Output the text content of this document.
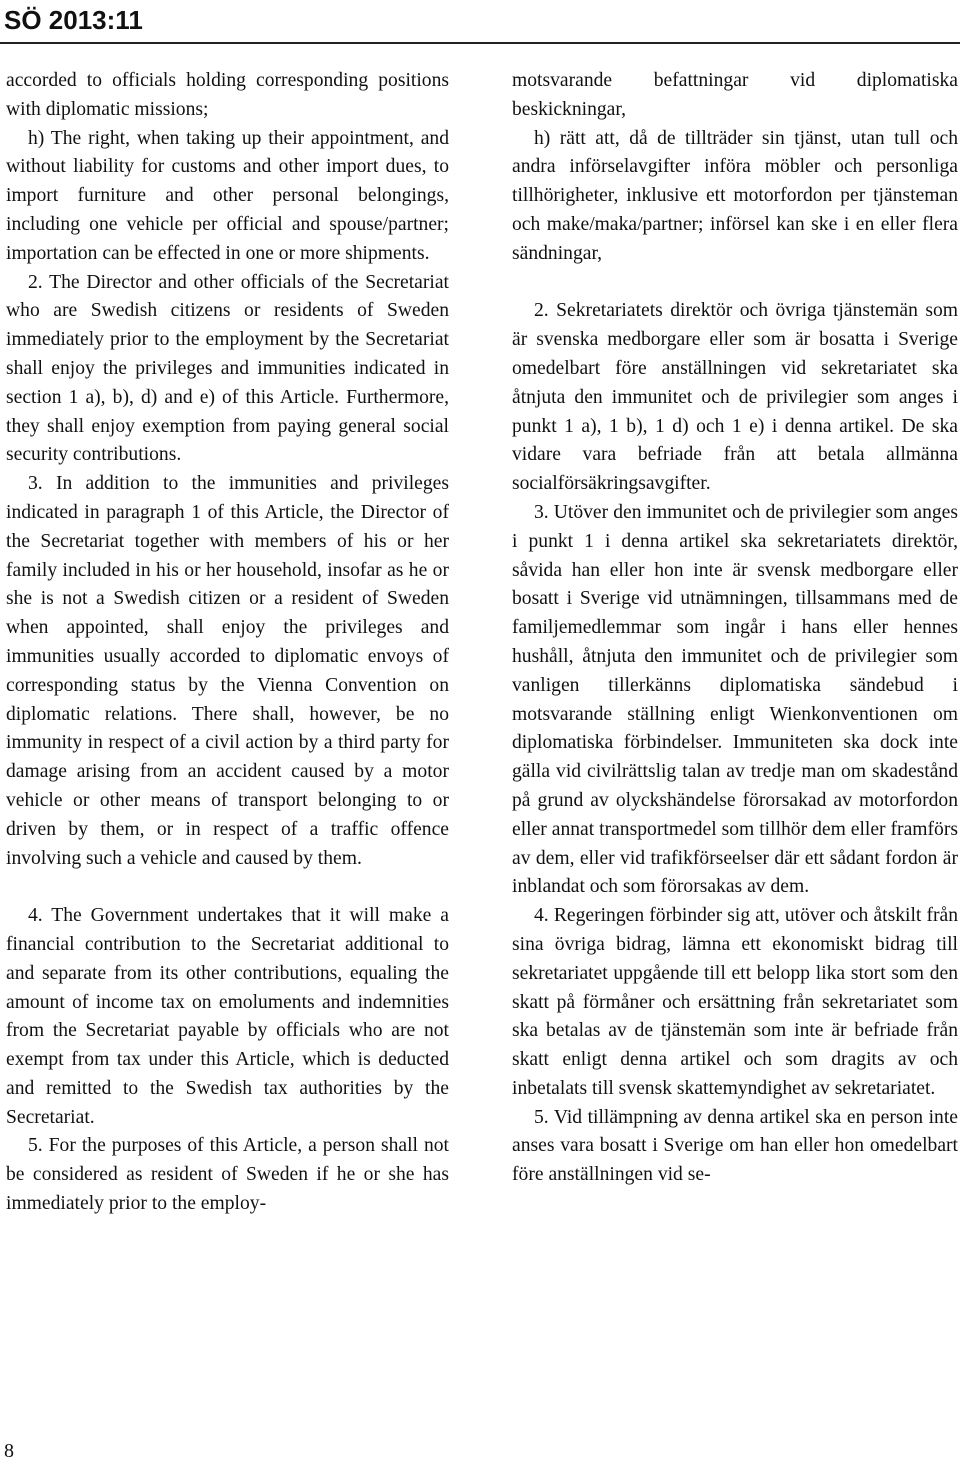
SÖ 2013:11

accorded to officials holding corresponding positions with diplomatic missions;

h) The right, when taking up their appointment, and without liability for customs and other import dues, to import furniture and other personal belongings, including one vehicle per official and spouse/partner; importation can be effected in one or more shipments.

2. The Director and other officials of the Secretariat who are Swedish citizens or residents of Sweden immediately prior to the employment by the Secretariat shall enjoy the privileges and immunities indicated in section 1 a), b), d) and e) of this Article. Furthermore, they shall enjoy exemption from paying general social security contributions.

3. In addition to the immunities and privileges indicated in paragraph 1 of this Article, the Director of the Secretariat together with members of his or her family included in his or her household, insofar as he or she is not a Swedish citizen or a resident of Sweden when appointed, shall enjoy the privileges and immunities usually accorded to diplomatic envoys of corresponding status by the Vienna Convention on diplomatic relations. There shall, however, be no immunity in respect of a civil action by a third party for damage arising from an accident caused by a motor vehicle or other means of transport belonging to or driven by them, or in respect of a traffic offence involving such a vehicle and caused by them.

4. The Government undertakes that it will make a financial contribution to the Secretariat additional to and separate from its other contributions, equaling the amount of income tax on emoluments and indemnities from the Secretariat payable by officials who are not exempt from tax under this Article, which is deducted and remitted to the Swedish tax authorities by the Secretariat.

5. For the purposes of this Article, a person shall not be considered as resident of Sweden if he or she has immediately prior to the employ-

motsvarande befattningar vid diplomatiska beskickningar,

h) rätt att, då de tillträder sin tjänst, utan tull och andra införselavgifter införa möbler och personliga tillhörigheter, inklusive ett motorfordon per tjänsteman och make/maka/partner; införsel kan ske i en eller flera sändningar,

2. Sekretariatets direktör och övriga tjänstemän som är svenska medborgare eller som är bosatta i Sverige omedelbart före anställningen vid sekretariatet ska åtnjuta den immunitet och de privilegier som anges i punkt 1 a), 1 b), 1 d) och 1 e) i denna artikel. De ska vidare vara befriade från att betala allmänna socialförsäkringsavgifter.

3. Utöver den immunitet och de privilegier som anges i punkt 1 i denna artikel ska sekretariatets direktör, såvida han eller hon inte är svensk medborgare eller bosatt i Sverige vid utnämningen, tillsammans med de familjemedlemmar som ingår i hans eller hennes hushåll, åtnjuta den immunitet och de privilegier som vanligen tillerkänns diplomatiska sändebud i motsvarande ställning enligt Wienkonventionen om diplomatiska förbindelser. Immuniteten ska dock inte gälla vid civilrättslig talan av tredje man om skadestånd på grund av olyckshändelse förorsakad av motorfordon eller annat transportmedel som tillhör dem eller framförs av dem, eller vid trafikförseelser där ett sådant fordon är inblandat och som förorsakas av dem.

4. Regeringen förbinder sig att, utöver och åtskilt från sina övriga bidrag, lämna ett ekonomiskt bidrag till sekretariatet uppgående till ett belopp lika stort som den skatt på förmåner och ersättning från sekretariatet som ska betalas av de tjänstemän som inte är befriade från skatt enligt denna artikel och som dragits av och inbetalats till svensk skattemyndighet av sekretariatet.

5. Vid tillämpning av denna artikel ska en person inte anses vara bosatt i Sverige om han eller hon omedelbart före anställningen vid se-

8
